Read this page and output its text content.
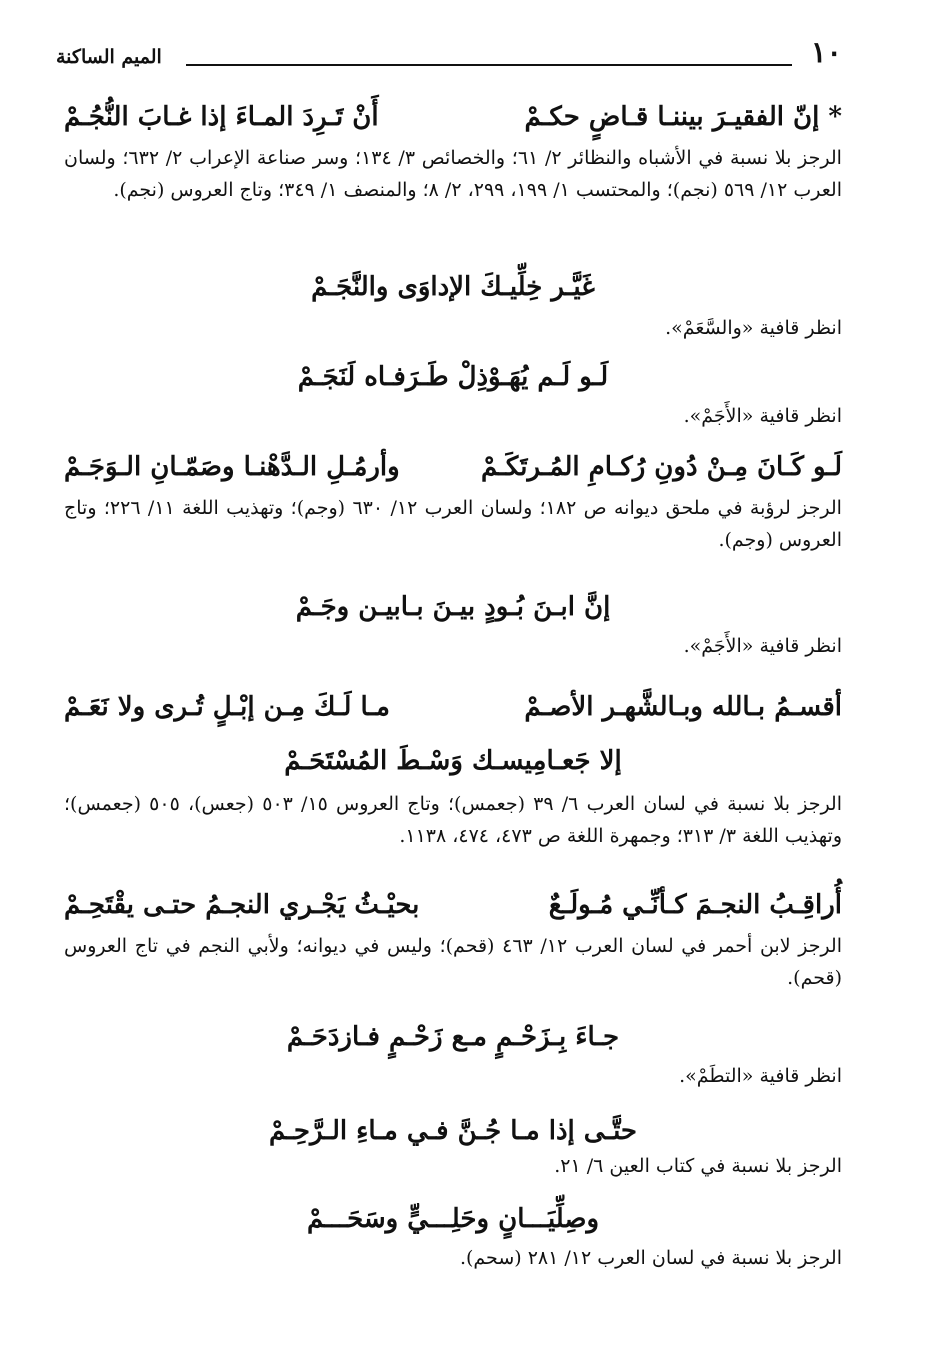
الميم الساكنة	١٠
* إنّ الفقيـرَ بيننـا قـاضٍ حكـمْ
أَنْ تَـرِدَ المـاءَ إذا غـابَ النُّجُـمْ
الرجز بلا نسبة في الأشباه والنظائر ٢/ ٦١؛ والخصائص ٣/ ١٣٤؛ وسر صناعة الإعراب ٢/ ٦٣٢؛ ولسان العرب ١٢/ ٥٦٩ (نجم)؛ والمحتسب ١/ ١٩٩، ٢٩٩، ٢/ ٨؛ والمنصف ١/ ٣٤٩؛ وتاج العروس (نجم).
غَيَّـر خِلِّيـكَ الإداوَى والنَّجَـمْ
انظر قافية «والسَّعَمْ».
لَـو لَـم يُهَـوْذِلْ طَـرَفـاه لَنَجَـمْ
انظر قافية «الأَجَمْ».
لَـو كَـانَ مِـنْ دُونِ رُكـامِ المُـرتَكَـمْ
وأرمُـلِ الـدَّهْنـا وصَمّـانِ الـوَجَـمْ
الرجز لرؤبة في ملحق ديوانه ص ١٨٢؛ ولسان العرب ١٢/ ٦٣٠ (وجم)؛ وتهذيب اللغة ١١/ ٢٢٦؛ وتاج العروس (وجم).
إنَّ ابـنَ بُـودٍ بيـنَ بـابيـن وجَـمْ
انظر قافية «الأَجَمْ».
أقسـمُ بـالله وبـالشَّهـر الأصـمْ
مـا لَـكَ مِـن إبْـلٍ تُـرى ولا نَعَـمْ
إلا جَعـامِيسـك وَسْـطَ المُسْتَحَـمْ
الرجز بلا نسبة في لسان العرب ٦/ ٣٩ (جعمس)؛ وتاج العروس ١٥/ ٥٠٣ (جعس)، ٥٠٥ (جعمس)؛ وتهذيب اللغة ٣/ ٣١٣؛ وجمهرة اللغة ص ٤٧٣، ٤٧٤، ١١٣٨.
أُراقِـبُ النجـمَ كـأنِّـي مُـولَـعٌ
بحيْـثُ يَجْـري النجـمُ حتـى يقْتَحِـمْ
الرجز لابن أحمر في لسان العرب ١٢/ ٤٦٣ (قحم)؛ وليس في ديوانه؛ ولأبي النجم في تاج العروس (قحم).
جـاءَ بِـزَحْـمٍ مـع زَحْـمٍ فـازدَحَـمْ
انظر قافية «التطَمْ».
حتَّـى إذا مـا جُـنَّ فـي مـاءِ الـرَّحِـمْ
الرجز بلا نسبة في كتاب العين ٦/ ٢١.
وصِلِّيَـــانٍ وحَلِـــيٍّ وسَحَـــمْ
الرجز بلا نسبة في لسان العرب ١٢/ ٢٨١ (سحم).
